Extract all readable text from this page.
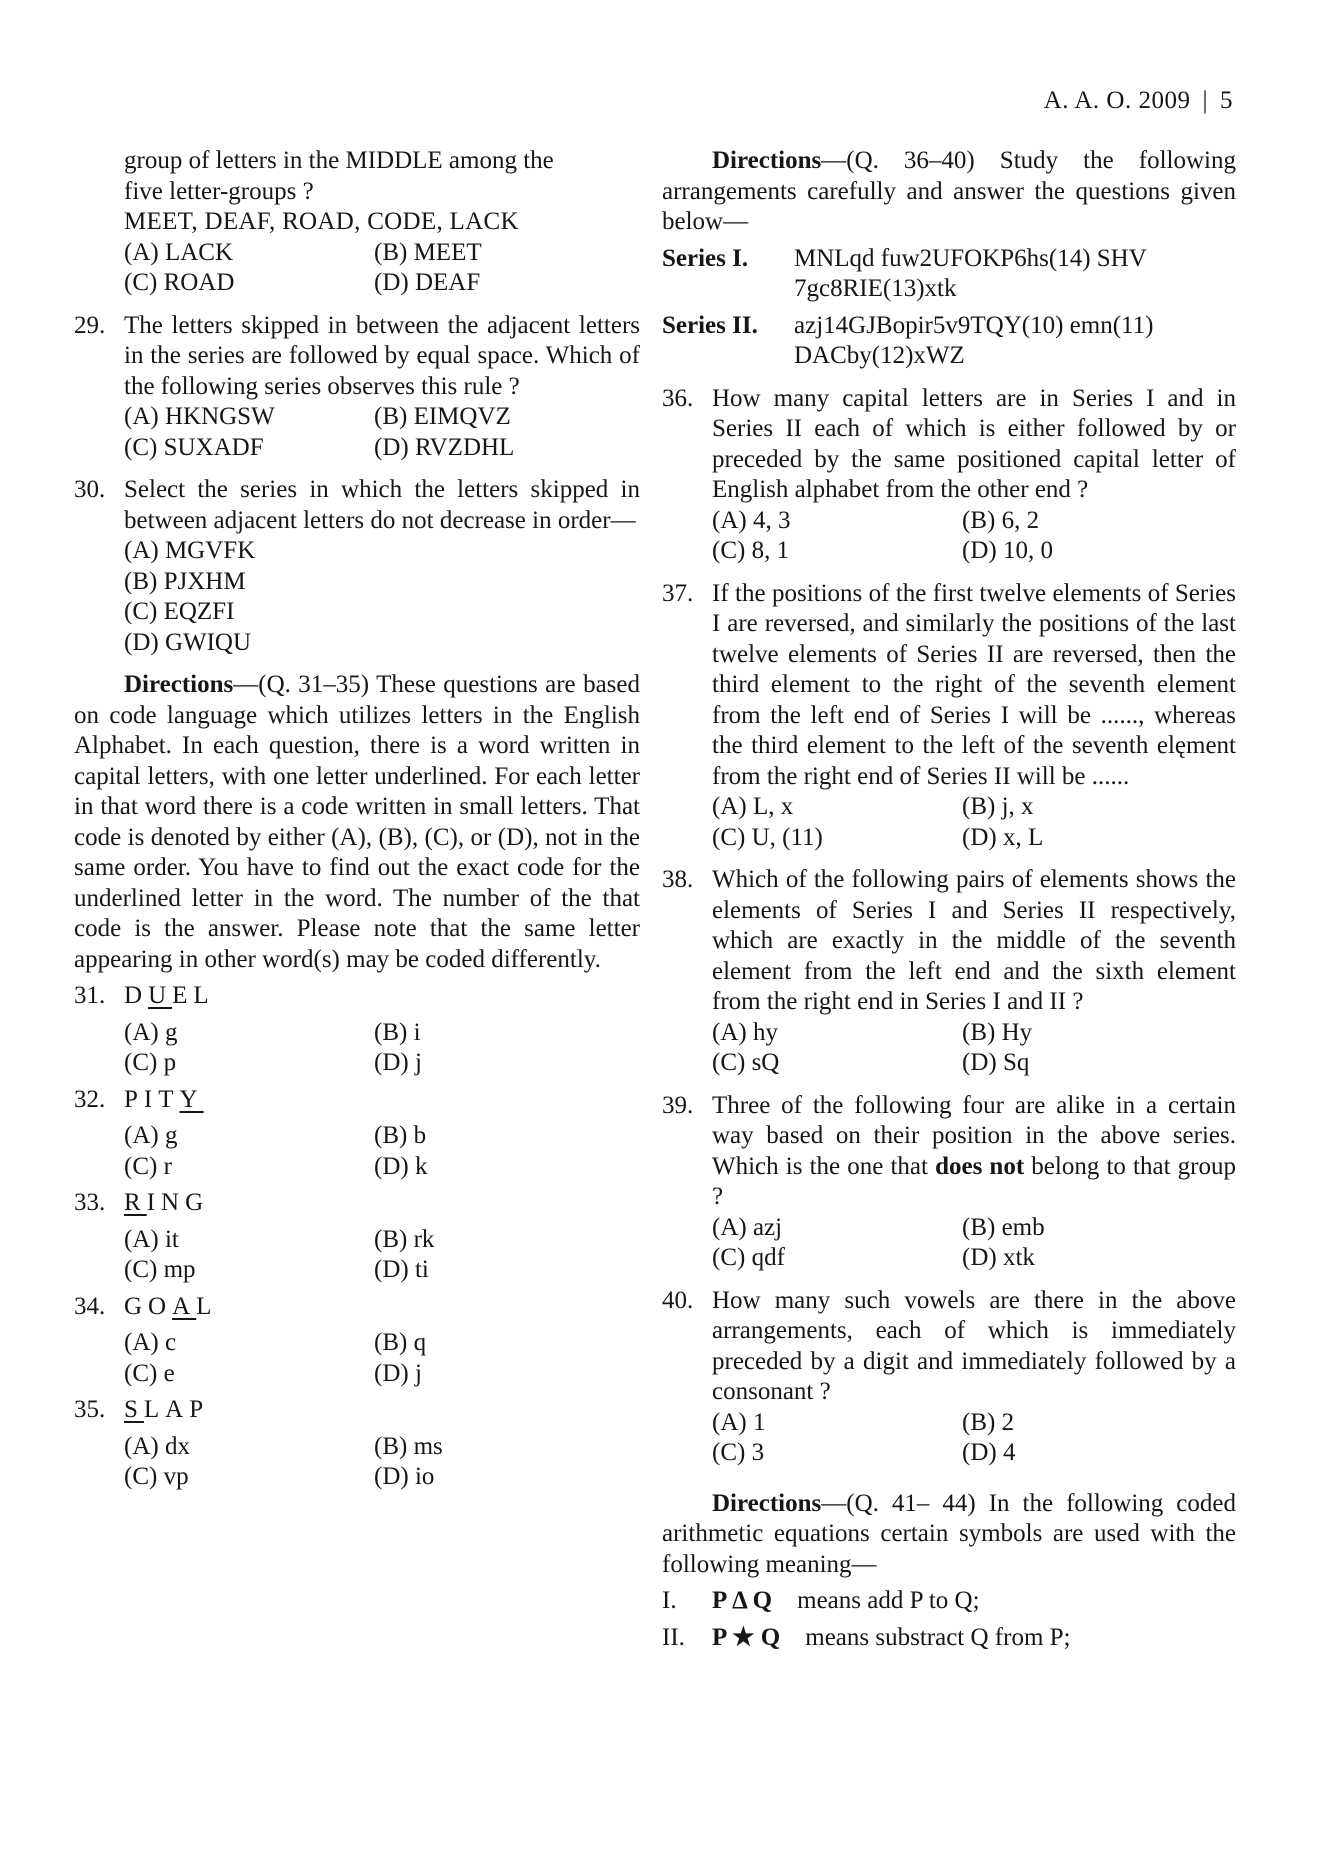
A. A. O. 2009 | 5

group of letters in the MIDDLE among the

five letter-groups ?

MEET, DEAF, ROAD, CODE, LACK

(A) LACK	(B) MEET
(C) ROAD	(D) DEAF
29. The letters skipped in between the adjacent letters in the series are followed by equal space. Which of the following series observes this rule ?
(A) HKNGSW	(B) EIMQVZ
(C) SUXADF	(D) RVZDHL
30. Select the series in which the letters skipped in between adjacent letters do not decrease in order—
(A) MGVFK
(B) PJXHM
(C) EQZFI
(D) GWIQU

Directions—(Q. 31–35) These questions are based on code language which utilizes letters in the English Alphabet. In each question, there is a word written in capital letters, with one letter underlined. For each letter in that word there is a code written in small letters. That code is denoted by either (A), (B), (C), or (D), not in the same order. You have to find out the exact code for the underlined letter in the word. The number of the that code is the answer. Please note that the same letter appearing in other word(s) may be coded differently.

31. DUEL
(A) g	(B) i
(C) p	(D) j
32. PITY
(A) g	(B) b
(C) r	(D) k
33. RING
(A) it	(B) rk
(C) mp	(D) ti
34. GOAL
(A) c	(B) q
(C) e	(D) j
35. SLAP
(A) dx	(B) ms
(C) vp	(D) io

Directions—(Q. 36–40) Study the following arrangements carefully and answer the questions given below—

Series I. MNLqd fuw2UFOKP6hs(14) SHV
7gc8RIE(13)xtk
Series II. azj14GJBopir5v9TQY(10) emn(11)
DACby(12)xWZ
36. How many capital letters are in Series I and in Series II each of which is either followed by or preceded by the same positioned capital letter of English alphabet from the other end ?
(A) 4, 3	(B) 6, 2
(C) 8, 1	(D) 10, 0
37. If the positions of the first twelve elements of Series I are reversed, and similarly the positions of the last twelve elements of Series II are reversed, then the third element to the right of the seventh element from the left end of Series I will be ......, whereas the third element to the left of the seventh elęment from the right end of Series II will be ......
(A) L, x	(B) j, x
(C) U, (11)	(D) x, L
38. Which of the following pairs of elements shows the elements of Series I and Series II respectively, which are exactly in the middle of the seventh element from the left end and the sixth element from the right end in Series I and II ?
(A) hy	(B) Hy
(C) sQ	(D) Sq
39. Three of the following four are alike in a certain way based on their position in the above series. Which is the one that does not belong to that group ?
(A) azj	(B) emb
(C) qdf	(D) xtk
40. How many such vowels are there in the above arrangements, each of which is immediately preceded by a digit and immediately followed by a consonant ?
(A) 1	(B) 2
(C) 3	(D) 4

Directions—(Q. 41– 44) In the following coded arithmetic equations certain symbols are used with the following meaning—

I. P Δ Q means add P to Q;
II. P ★ Q means substract Q from P;
